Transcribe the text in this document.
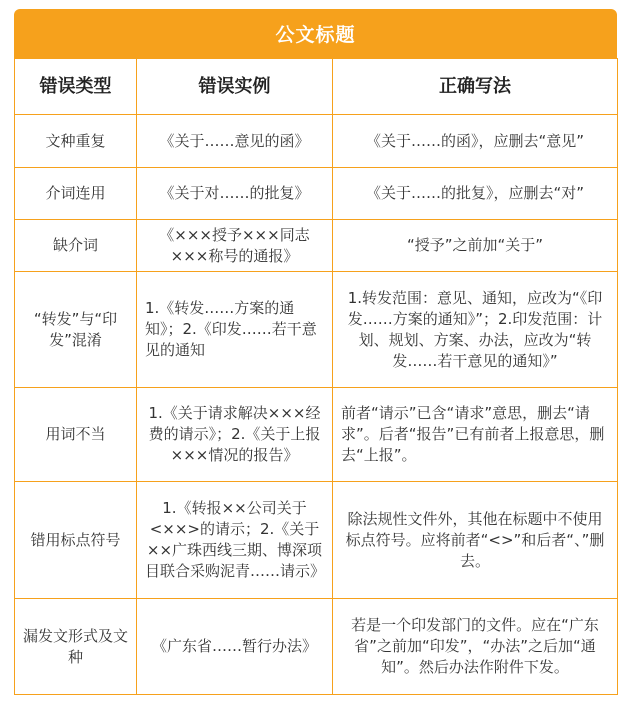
公文标题
错误类型	错误实例	正确写法
文种重复	《关于……意见的函》	《关于……的函》，应删去“意见”
介词连用	《关于对……的批复》	《关于……的批复》，应删去“对”
缺介词	《×××授予×××同志×××称号的通报》	“授予”之前加“关于”
“转发”与“印发”混淆	1.《转发……方案的通知》；2.《印发……若干意见的通知	1.转发范围：意见、通知，应改为“《印发……方案的通知》”；2.印发范围：计划、规划、方案、办法，应改为“转发……若干意见的通知》”
用词不当	1.《关于请求解决×××经费的请示》；2.《关于上报×××情况的报告》	前者“请示”已含“请求”意思，删去“请求”。后者“报告”已有前者上报意思，删去“上报”。
错用标点符号	1.《转报××公司关于<××>的请示；2.《关于××广珠西线三期、博深项目联合采购泥青……请示》	除法规性文件外，其他在标题中不使用标点符号。应将前者“<>”和后者“、”删去。
漏发文形式及文种	《广东省……暂行办法》	若是一个印发部门的文件。应在“广东省”之前加“印发”，“办法”之后加“通知”。然后办法作附件下发。
